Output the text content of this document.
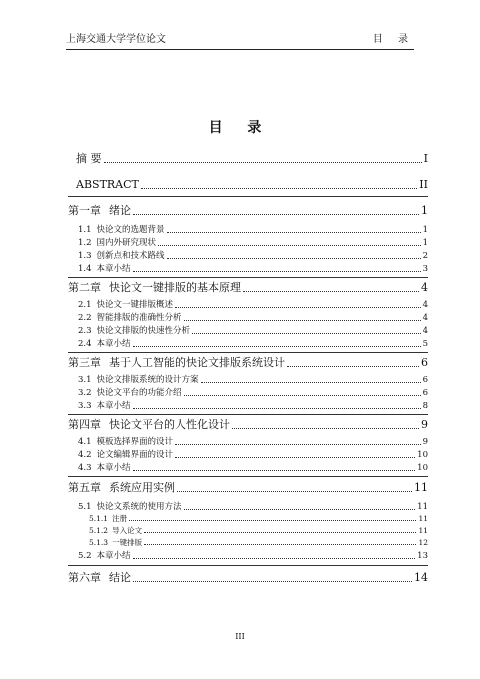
上海交通大学学位论文	目 录
目 录
摘 要	I
ABSTRACT	II
第一章 绪论	1
1.1 快论文的选题背景	1
1.2 国内外研究现状	1
1.3 创新点和技术路线	2
1.4 本章小结	3
第二章 快论文一键排版的基本原理	4
2.1 快论文一键排版概述	4
2.2 智能排版的准确性分析	4
2.3 快论文排版的快速性分析	4
2.4 本章小结	5
第三章 基于人工智能的快论文排版系统设计	6
3.1 快论文排版系统的设计方案	6
3.2 快论文平台的功能介绍	6
3.3 本章小结	8
第四章 快论文平台的人性化设计	9
4.1 模板选择界面的设计	9
4.2 论文编辑界面的设计	10
4.3 本章小结	10
第五章 系统应用实例	11
5.1 快论文系统的使用方法	11
5.1.1 注册	11
5.1.2 导入论文	11
5.1.3 一键排版	12
5.2 本章小结	13
第六章 结论	14
III
